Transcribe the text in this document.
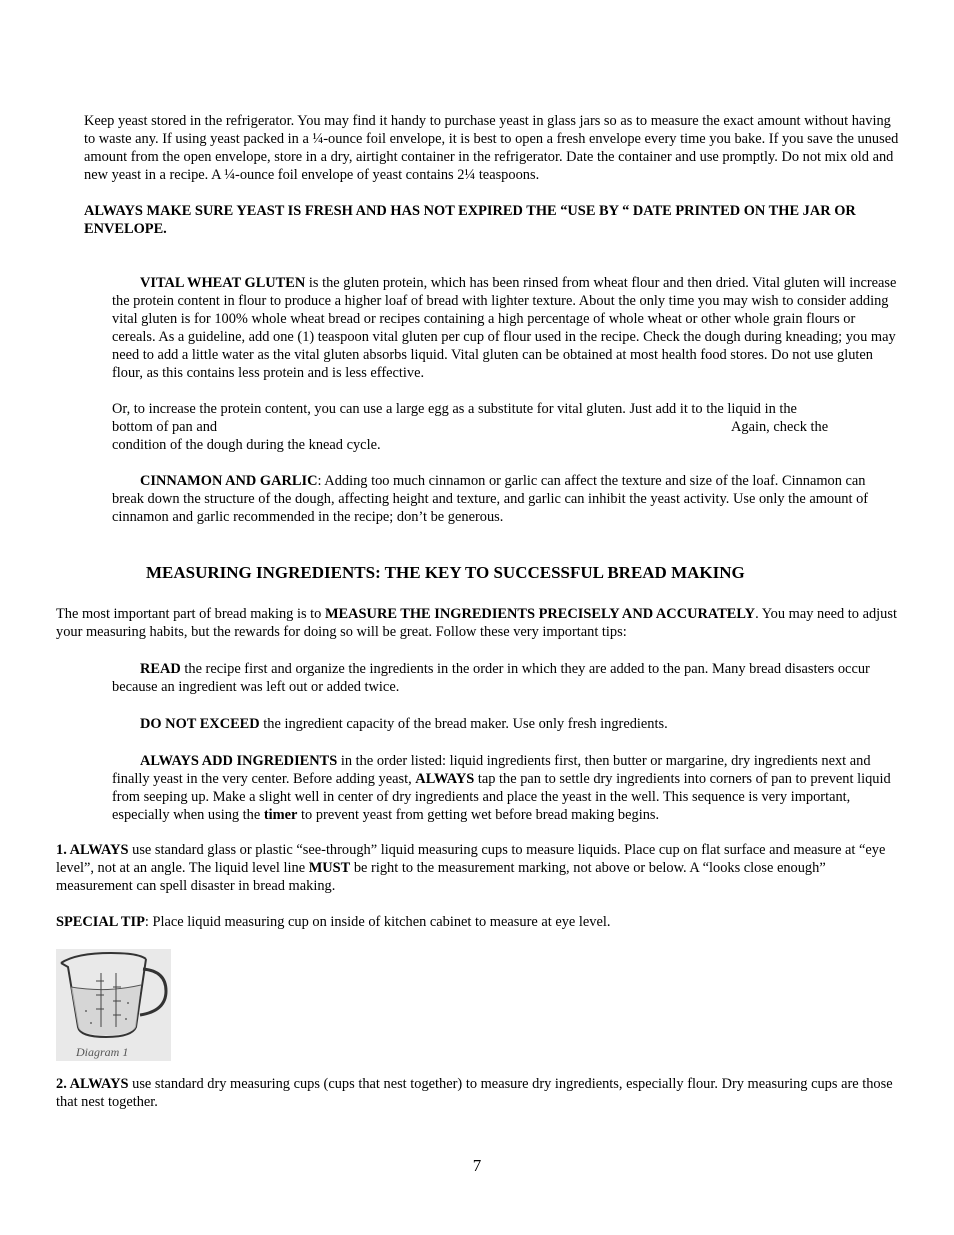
Keep yeast stored in the refrigerator. You may find it handy to purchase yeast in glass jars so as to measure the exact amount without having to waste any. If using yeast packed in a ¼-ounce foil envelope, it is best to open a fresh envelope every time you bake. If you save the unused amount from the open envelope, store in a dry, airtight container in the refrigerator. Date the container and use promptly. Do not mix old and new yeast in a recipe. A ¼-ounce foil envelope of yeast contains 2¼ teaspoons.

ALWAYS MAKE SURE YEAST IS FRESH AND HAS NOT EXPIRED THE “USE BY “ DATE PRINTED ON THE JAR OR ENVELOPE.

VITAL WHEAT GLUTEN is the gluten protein, which has been rinsed from wheat flour and then dried. Vital gluten will increase the protein content in flour to produce a higher loaf of bread with lighter texture. About the only time you may wish to consider adding vital gluten is for 100% whole wheat bread or recipes containing a high percentage of whole wheat or other whole grain flours or cereals. As a guideline, add one (1) teaspoon vital gluten per cup of flour used in the recipe. Check the dough during kneading; you may need to add a little water as the vital gluten absorbs liquid. Vital gluten can be obtained at most health food stores. Do not use gluten flour, as this contains less protein and is less effective.

Or, to increase the protein content, you can use a large egg as a substitute for vital gluten. Just add it to the liquid in the
bottom of pan and	Again, check the
condition of the dough during the knead cycle.

CINNAMON AND GARLIC: Adding too much cinnamon or garlic can affect the texture and size of the loaf. Cinnamon can break down the structure of the dough, affecting height and texture, and garlic can inhibit the yeast activity. Use only the amount of cinnamon and garlic recommended in the recipe; don’t be generous.

MEASURING INGREDIENTS: THE KEY TO SUCCESSFUL BREAD MAKING

The most important part of bread making is to MEASURE THE INGREDIENTS PRECISELY AND ACCURATELY. You may need to adjust your measuring habits, but the rewards for doing so will be great. Follow these very important tips:

READ the recipe first and organize the ingredients in the order in which they are added to the pan. Many bread disasters occur because an ingredient was left out or added twice.

DO NOT EXCEED the ingredient capacity of the bread maker. Use only fresh ingredients.

ALWAYS ADD INGREDIENTS in the order listed: liquid ingredients first, then butter or margarine, dry ingredients next and finally yeast in the very center. Before adding yeast, ALWAYS tap the pan to settle dry ingredients into corners of pan to prevent liquid from seeping up. Make a slight well in center of dry ingredients and place the yeast in the well. This sequence is very important, especially when using the timer to prevent yeast from getting wet before bread making begins.

1. ALWAYS use standard glass or plastic “see-through” liquid measuring cups to measure liquids. Place cup on flat surface and measure at “eye level”, not at an angle. The liquid level line MUST be right to the measurement marking, not above or below. A “looks close enough” measurement can spell disaster in bread making.

SPECIAL TIP: Place liquid measuring cup on inside of kitchen cabinet to measure at eye level.

Diagram 1

2. ALWAYS use standard dry measuring cups (cups that nest together) to measure dry ingredients, especially flour. Dry measuring cups are those that nest together.

7
